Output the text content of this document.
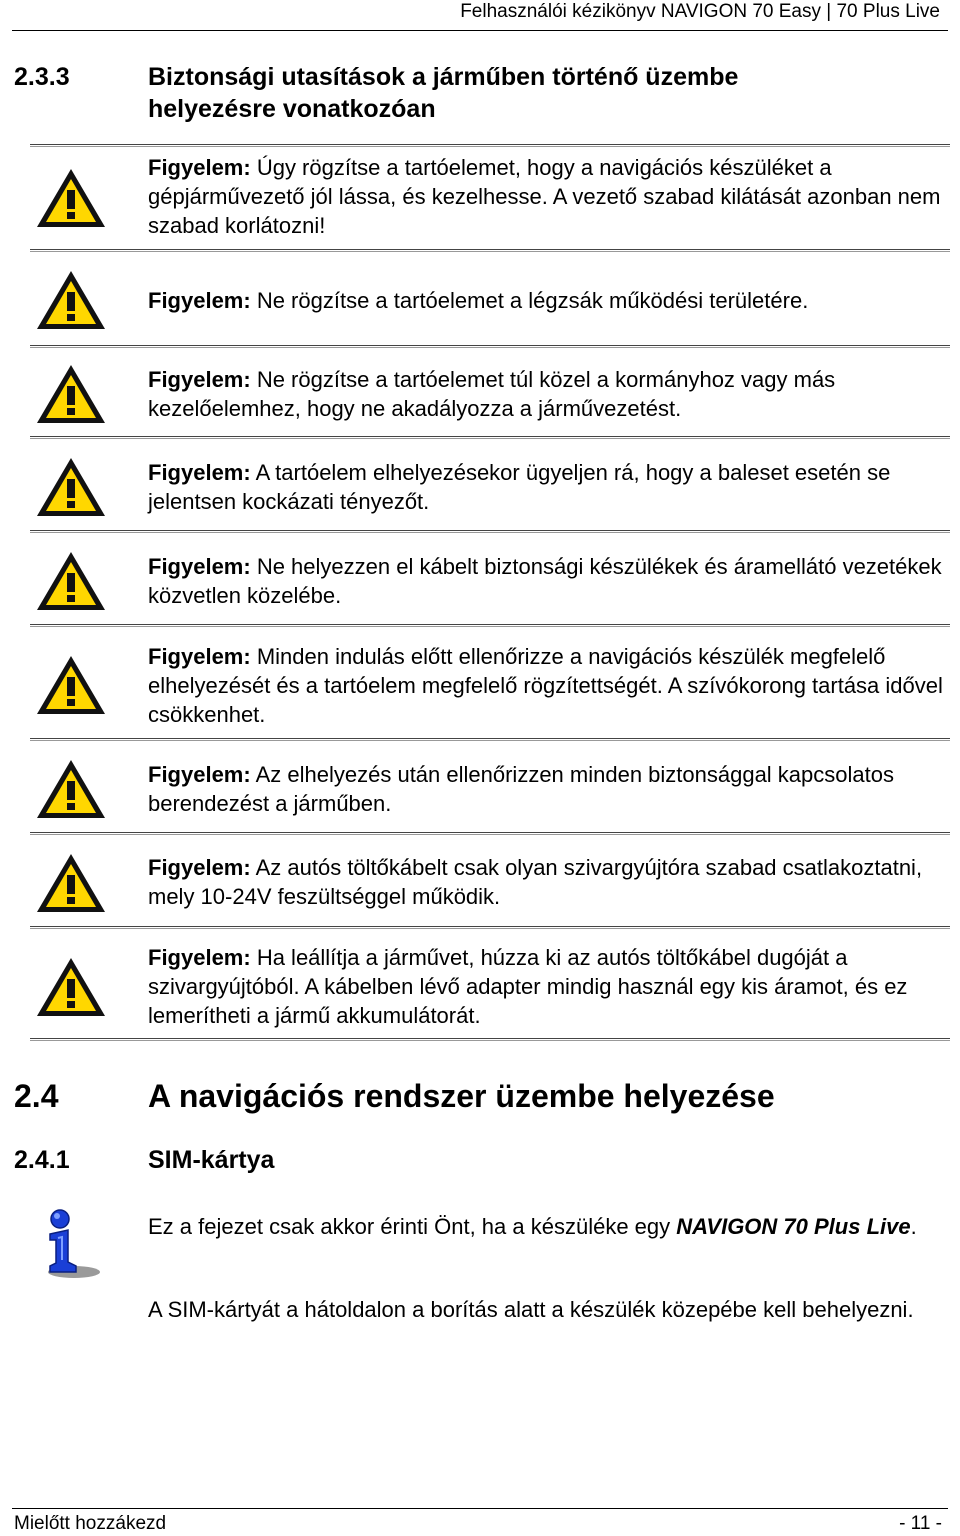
Felhasználói kézikönyv NAVIGON 70 Easy | 70 Plus Live
2.3.3	Biztonsági utasítások a járműben történő üzembe
helyezésre vonatkozóan
Figyelem: Úgy rögzítse a tartóelemet, hogy a navigációs készüléket a gépjárművezető jól lássa, és kezelhesse. A vezető szabad kilátását azonban nem szabad korlátozni!
Figyelem: Ne rögzítse a tartóelemet a légzsák működési területére.
Figyelem: Ne rögzítse a tartóelemet túl közel a kormányhoz vagy más kezelőelemhez, hogy ne akadályozza a járművezetést.
Figyelem: A tartóelem elhelyezésekor ügyeljen rá, hogy a baleset esetén se jelentsen kockázati tényezőt.
Figyelem: Ne helyezzen el kábelt biztonsági készülékek és áramellátó vezetékek közvetlen közelébe.
Figyelem: Minden indulás előtt ellenőrizze a navigációs készülék megfelelő elhelyezését és a tartóelem megfelelő rögzítettségét. A szívókorong tartása idővel csökkenhet.
Figyelem: Az elhelyezés után ellenőrizzen minden biztonsággal kapcsolatos berendezést a járműben.
Figyelem: Az autós töltőkábelt csak olyan szivargyújtóra szabad csatlakoztatni, mely 10-24V feszültséggel működik.
Figyelem: Ha leállítja a járművet, húzza ki az autós töltőkábel dugóját a szivargyújtóból. A kábelben lévő adapter mindig használ egy kis áramot, és ez lemerítheti a jármű akkumulátorát.
2.4	A navigációs rendszer üzembe helyezése
2.4.1	SIM-kártya
Ez a fejezet csak akkor érinti Önt, ha a készüléke egy NAVIGON 70 Plus Live.
A SIM-kártyát a hátoldalon a borítás alatt a készülék közepébe kell behelyezni.
Mielőtt hozzákezd	- 11 -
